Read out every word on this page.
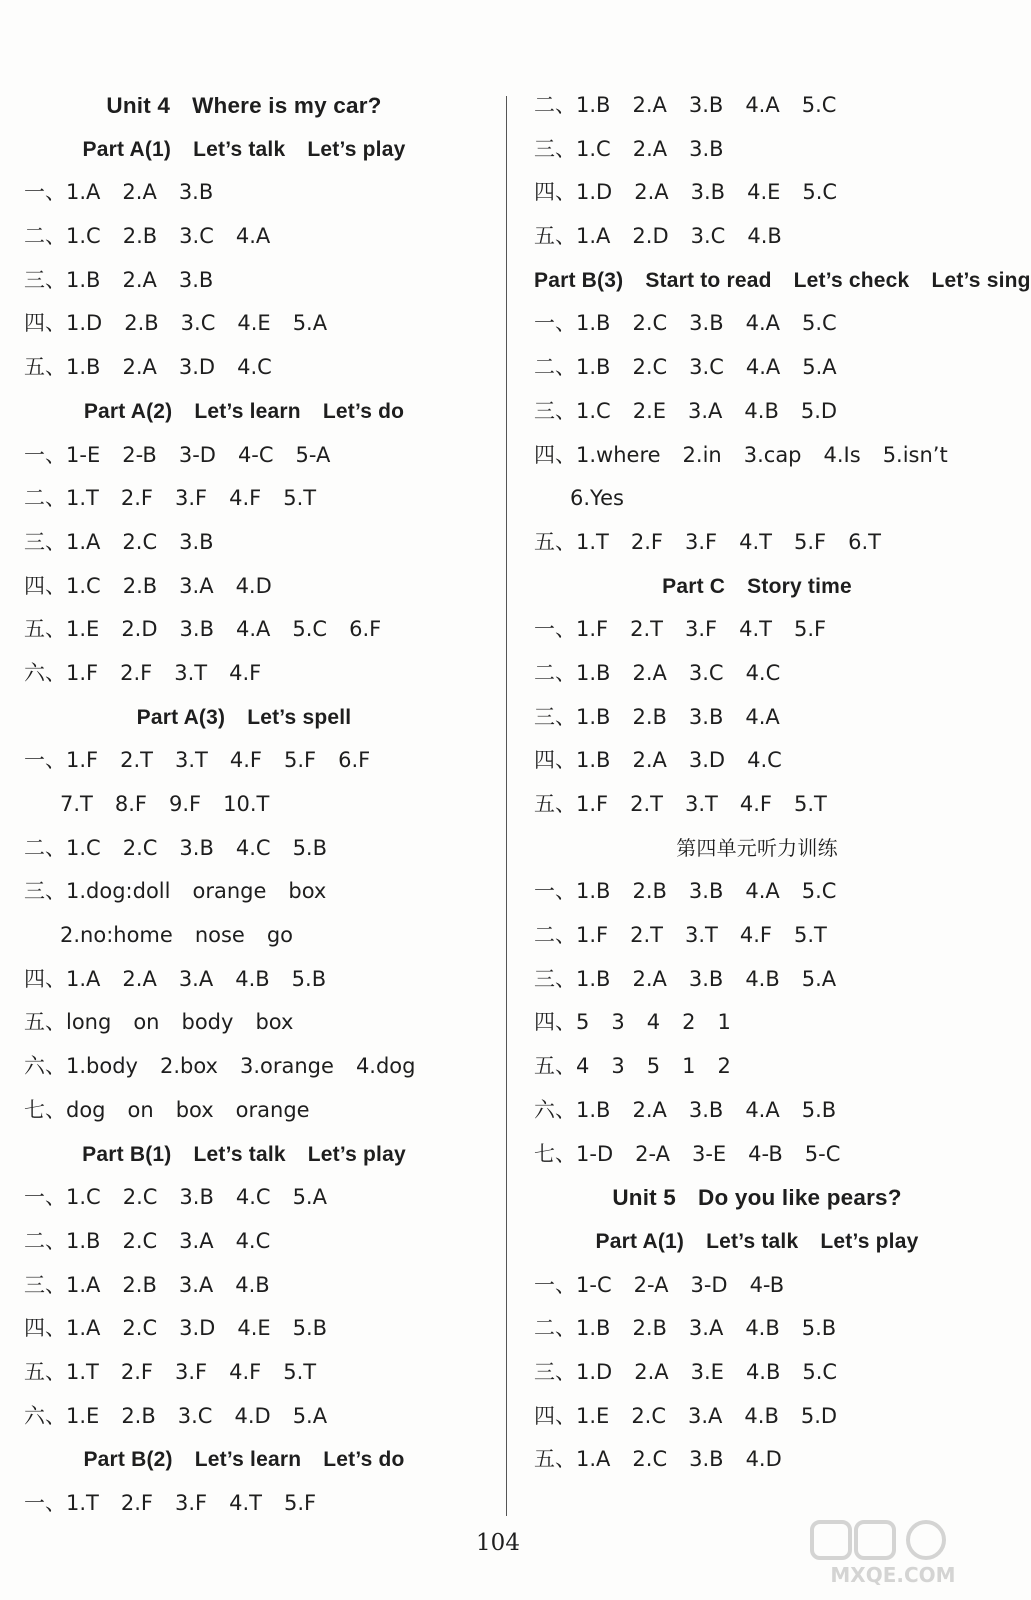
Unit 4 Where is my car?
Part A(1) Let’s talk Let’s play
一、1.A 2.A 3.B
二、1.C 2.B 3.C 4.A
三、1.B 2.A 3.B
四、1.D 2.B 3.C 4.E 5.A
五、1.B 2.A 3.D 4.C
Part A(2) Let’s learn Let’s do
一、1-E 2-B 3-D 4-C 5-A
二、1.T 2.F 3.F 4.F 5.T
三、1.A 2.C 3.B
四、1.C 2.B 3.A 4.D
五、1.E 2.D 3.B 4.A 5.C 6.F
六、1.F 2.F 3.T 4.F
Part A(3) Let’s spell
一、1.F 2.T 3.T 4.F 5.F 6.F
7.T 8.F 9.F 10.T
二、1.C 2.C 3.B 4.C 5.B
三、1.dog:doll orange box
2.no:home nose go
四、1.A 2.A 3.A 4.B 5.B
五、long on body box
六、1.body 2.box 3.orange 4.dog
七、dog on box orange
Part B(1) Let’s talk Let’s play
一、1.C 2.C 3.B 4.C 5.A
二、1.B 2.C 3.A 4.C
三、1.A 2.B 3.A 4.B
四、1.A 2.C 3.D 4.E 5.B
五、1.T 2.F 3.F 4.F 5.T
六、1.E 2.B 3.C 4.D 5.A
Part B(2) Let’s learn Let’s do
一、1.T 2.F 3.F 4.T 5.F
二、1.B 2.A 3.B 4.A 5.C
三、1.C 2.A 3.B
四、1.D 2.A 3.B 4.E 5.C
五、1.A 2.D 3.C 4.B
Part B(3) Start to read Let’s check Let’s sing
一、1.B 2.C 3.B 4.A 5.C
二、1.B 2.C 3.C 4.A 5.A
三、1.C 2.E 3.A 4.B 5.D
四、1.where 2.in 3.cap 4.Is 5.isn’t
6.Yes
五、1.T 2.F 3.F 4.T 5.F 6.T
Part C Story time
一、1.F 2.T 3.F 4.T 5.F
二、1.B 2.A 3.C 4.C
三、1.B 2.B 3.B 4.A
四、1.B 2.A 3.D 4.C
五、1.F 2.T 3.T 4.F 5.T
第四单元听力训练
一、1.B 2.B 3.B 4.A 5.C
二、1.F 2.T 3.T 4.F 5.T
三、1.B 2.A 3.B 4.B 5.A
四、5 3 4 2 1
五、4 3 5 1 2
六、1.B 2.A 3.B 4.A 5.B
七、1-D 2-A 3-E 4-B 5-C
Unit 5 Do you like pears?
Part A(1) Let’s talk Let’s play
一、1-C 2-A 3-D 4-B
二、1.B 2.B 3.A 4.B 5.B
三、1.D 2.A 3.E 4.B 5.C
四、1.E 2.C 3.A 4.B 5.D
五、1.A 2.C 3.B 4.D
104
MXQE.COM
